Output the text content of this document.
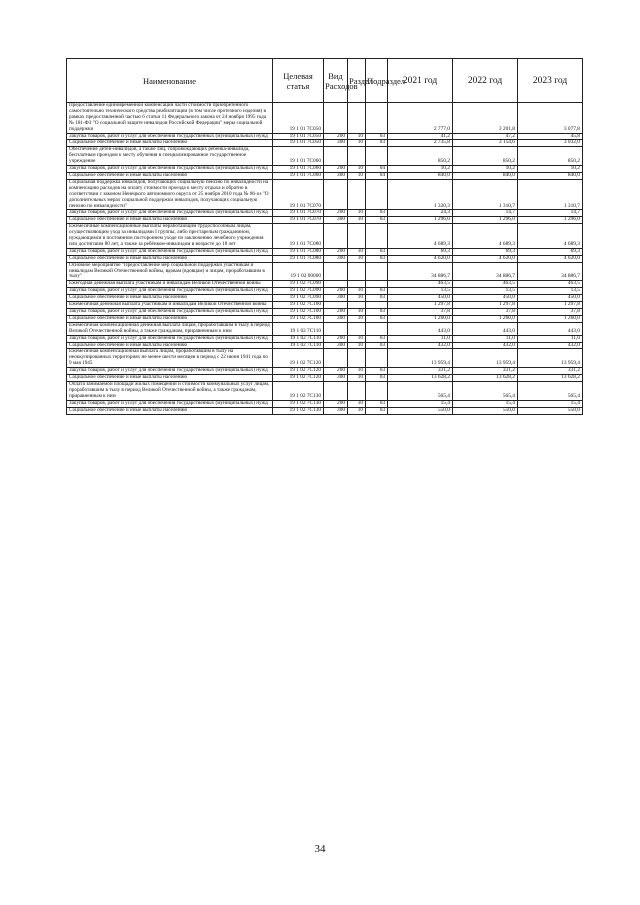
Наименование	Целевая статья	Вид Расходов	Раздел	Подраздел	2021 год	2022 год	2023 год
Предоставление единовременной компенсации части стоимости приобретенного самостоятельно технического средства реабилитации (в том числе протезного изделия) в рамках предоставленной частью 6 статьи 11 Федерального закона от 24 ноября 1995 года № 181-ФЗ "О социальной защите инвалидов Российской Федерации" меры социальной поддержки	19 1 01 7С050				2 777,0	3 201,8	3 077,8
Закупка товаров, работ и услуг для обеспечения государственных (муниципальных) нужд	19 1 01 7С050	200	10	03	41,2	47,2	45,8
Социальное обеспечение и иные выплаты населению	19 1 01 7С050	300	10	03	2 735,8	3 154,6	3 032,0
Обеспечение детей-инвалидов, а также лиц, сопровождающих ребёнка-инвалида, бесплатным проездом к месту обучения в специализированное государственное учреждение	19 1 01 7С060				850,2	850,2	850,2
Закупка товаров, работ и услуг для обеспечения государственных (муниципальных) нужд	19 1 01 7С060	200	10	04	10,2	10,2	10,2
Социальное обеспечение и иные выплаты населению	19 1 01 7С060	300	10	04	840,0	840,0	840,0
Социальная поддержка инвалидов, получающих социальную пенсию по инвалидности на компенсацию расходов на оплату стоимости проезда к месту отдыха и обратно в соответствии с законом Ненецкого автономного округа от 25 ноября 2010 года № 86-оз "О дополнительных мерах социальной поддержки инвалидов, получающих социальную пенсию по инвалидности"	19 1 01 7С070				1 320,3	1 310,7	1 310,7
Закупка товаров, работ и услуг для обеспечения государственных (муниципальных) нужд	19 1 01 7С070	200	10	03	24,3	14,7	14,7
Социальное обеспечение и иные выплаты населению	19 1 01 7С070	300	10	03	1 296,0	1 296,0	1 296,0
Ежемесячные компенсационные выплаты неработающим трудоспособным лицам, осуществляющим уход за инвалидами I группы, либо престарелым гражданином, нуждающимся в постоянном постороннем уходе по заключению лечебного учреждения или достигшим 80 лет, а также за ребёнком-инвалидом в возрасте до 18 лет	19 1 01 7С080				4 689,3	4 689,3	4 689,3
Закупка товаров, работ и услуг для обеспечения государственных (муниципальных) нужд	19 1 01 7С080	200	10	03	69,3	69,3	69,3
Социальное обеспечение и иные выплаты населению	19 1 01 7С080	300	10	03	4 620,0	4 620,0	4 620,0
Основное мероприятие "Предоставление мер социальной поддержки участникам и инвалидам Великой Отечественной войны, вдовам (вдовцам) и лицам, проработавшим в тылу"	19 1 02 00000				34 886,7	34 886,7	34 886,7
Ежегодная денежная выплата участникам и инвалидам Великой Отечественной войны	19 1 02 7С090				463,5	463,5	463,5
Закупка товаров, работ и услуг для обеспечения государственных (муниципальных) нужд	19 1 02 7С090	200	10	03	13,5	13,5	13,5
Социальное обеспечение и иные выплаты населению	19 1 02 7С090	300	10	03	450,0	450,0	450,0
Ежемесячная денежная выплата участникам и инвалидам Великой Отечественной войны	19 1 02 7С100				1 297,8	1 297,8	1 297,8
Закупка товаров, работ и услуг для обеспечения государственных (муниципальных) нужд	19 1 02 7С100	200	10	03	37,8	37,8	37,8
Социальное обеспечение и иные выплаты населению	19 1 02 7С100	300	10	03	1 260,0	1 260,0	1 260,0
Ежемесячная компенсационная денежная выплата лицам, проработавшим в тылу в период Великой Отечественной войны, а также гражданам, приравненным к ним	19 1 02 7С110				443,0	443,0	443,0
Закупка товаров, работ и услуг для обеспечения государственных (муниципальных) нужд	19 1 02 7С110	200	10	03	11,0	11,0	11,0
Социальное обеспечение и иные выплаты населению	19 1 02 7С110	300	10	03	432,0	432,0	432,0
Ежемесячная компенсационная выплата лицам, проработавшим в тылу на неоккупированных территориях не менее шести месяцев в период с 22 июня 1941 года по 9 мая 1945	19 1 02 7С120				13 959,4	13 959,4	13 959,4
Закупка товаров, работ и услуг для обеспечения государственных (муниципальных) нужд	19 1 02 7С120	200	10	03	331,2	331,2	331,2
Социальное обеспечение и иные выплаты населению	19 1 02 7С120	300	10	03	13 628,2	13 628,2	13 628,2
Оплата занимаемой площади жилых помещений и стоимости коммунальных услуг лицам, проработавшим в тылу в период Великой Отечественной войны, а также гражданам, приравненным к ним	19 1 02 7С130				565,4	565,4	565,4
Закупка товаров, работ и услуг для обеспечения государственных (муниципальных) нужд	19 1 02 7С130	200	10	03	15,4	15,4	15,4
Социальное обеспечение и иные выплаты населению	19 1 02 7С130	300	10	03	550,0	550,0	550,0
34
